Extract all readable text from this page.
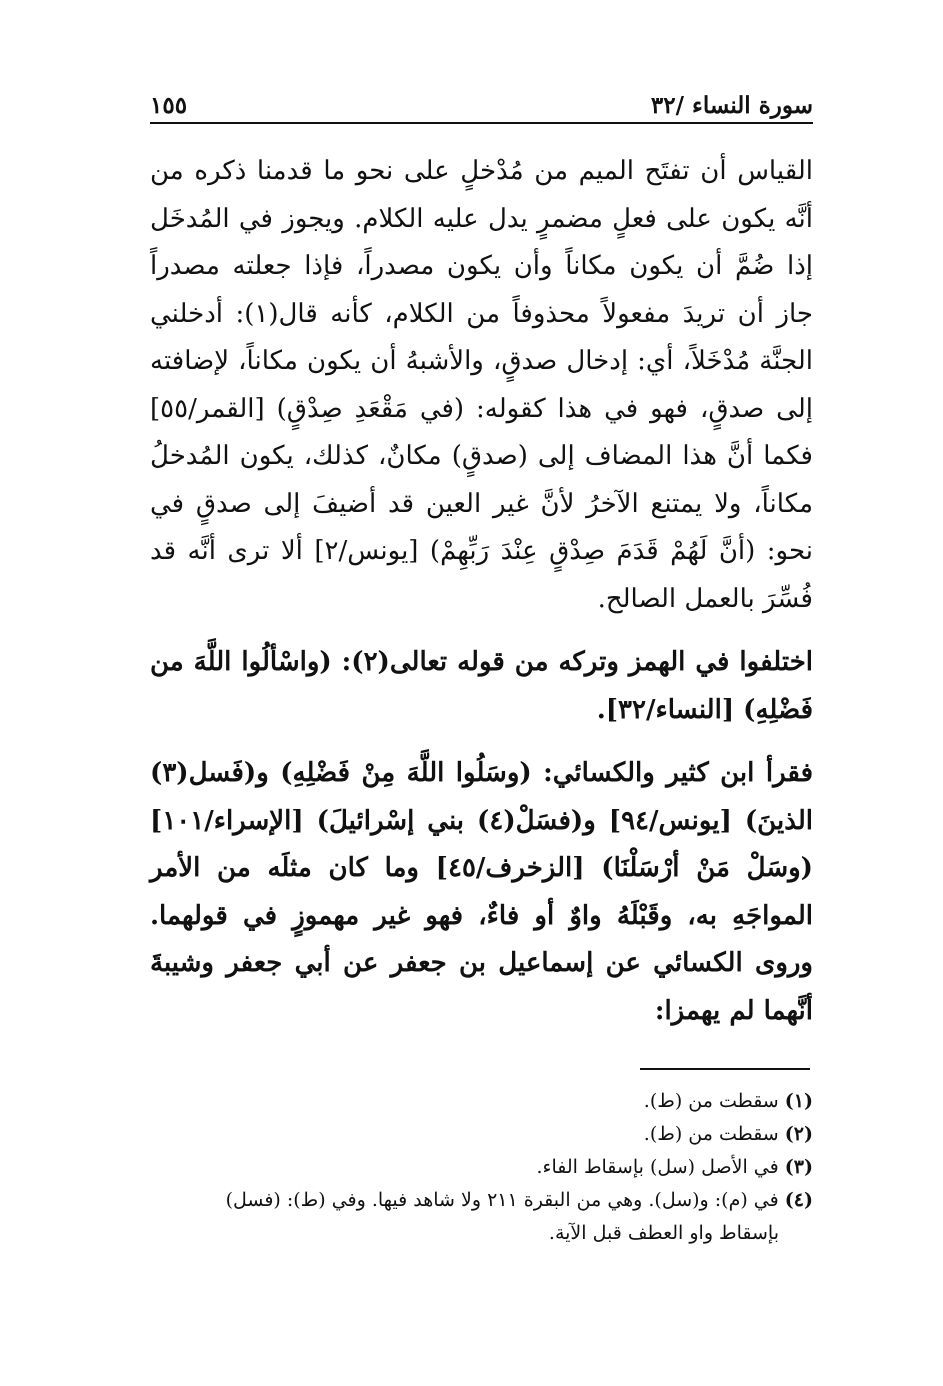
سورة النساء /٣٢
١٥٥

القياس أن تفتَح الميم من مُدْخلٍ على نحو ما قدمنا ذكره من أنَّه يكون على فعلٍ مضمرٍ يدل عليه الكلام. ويجوز في المُدخَل إذا ضُمَّ أن يكون مكاناً وأن يكون مصدراً، فإذا جعلته مصدراً جاز أن تريدَ مفعولاً محذوفاً من الكلام، كأنه قال(١): أدخلني الجنَّة مُدْخَلاً، أي: إدخال صدقٍ، والأشبهُ أن يكون مكاناً، لإضافته إلى صدقٍ، فهو في هذا كقوله: (في مَقْعَدِ صِدْقٍ) [القمر/٥٥] فكما أنَّ هذا المضاف إلى (صدقٍ) مكانٌ، كذلك، يكون المُدخلُ مكاناً، ولا يمتنع الآخرُ لأنَّ غير العين قد أضيفَ إلى صدقٍ في نحو: (أنَّ لَهُمْ قَدَمَ صِدْقٍ عِنْدَ رَبِّهِمْ) [يونس/٢] ألا ترى أنَّه قد فُسِّرَ بالعمل الصالح.

اختلفوا في الهمز وتركه من قوله تعالى(٢): (واسْألُوا اللَّهَ من فَضْلِهِ) [النساء/٣٢].

فقرأ ابن كثير والكسائي: (وسَلُوا اللَّهَ مِنْ فَضْلِهِ) و(فَسل(٣) الذينَ) [يونس/٩٤] و(فسَلْ(٤) بني إسْرائيلَ) [الإسراء/١٠١] (وسَلْ مَنْ أرْسَلْنَا) [الزخرف/٤٥] وما كان مثلَه من الأمر المواجَهِ به، وقَبْلَهُ واوٌ أو فاءٌ، فهو غير مهموزٍ في قولهما. وروى الكسائي عن إسماعيل بن جعفر عن أبي جعفر وشيبةَ أنَّهما لم يهمزا:

(١) سقطت من (ط).

(٢) سقطت من (ط).

(٣) في الأصل (سل) بإسقاط الفاء.

(٤) في (م): و(سل). وهي من البقرة ٢١١ ولا شاهد فيها. وفي (ط): (فسل)

بإسقاط واو العطف قبل الآية.
